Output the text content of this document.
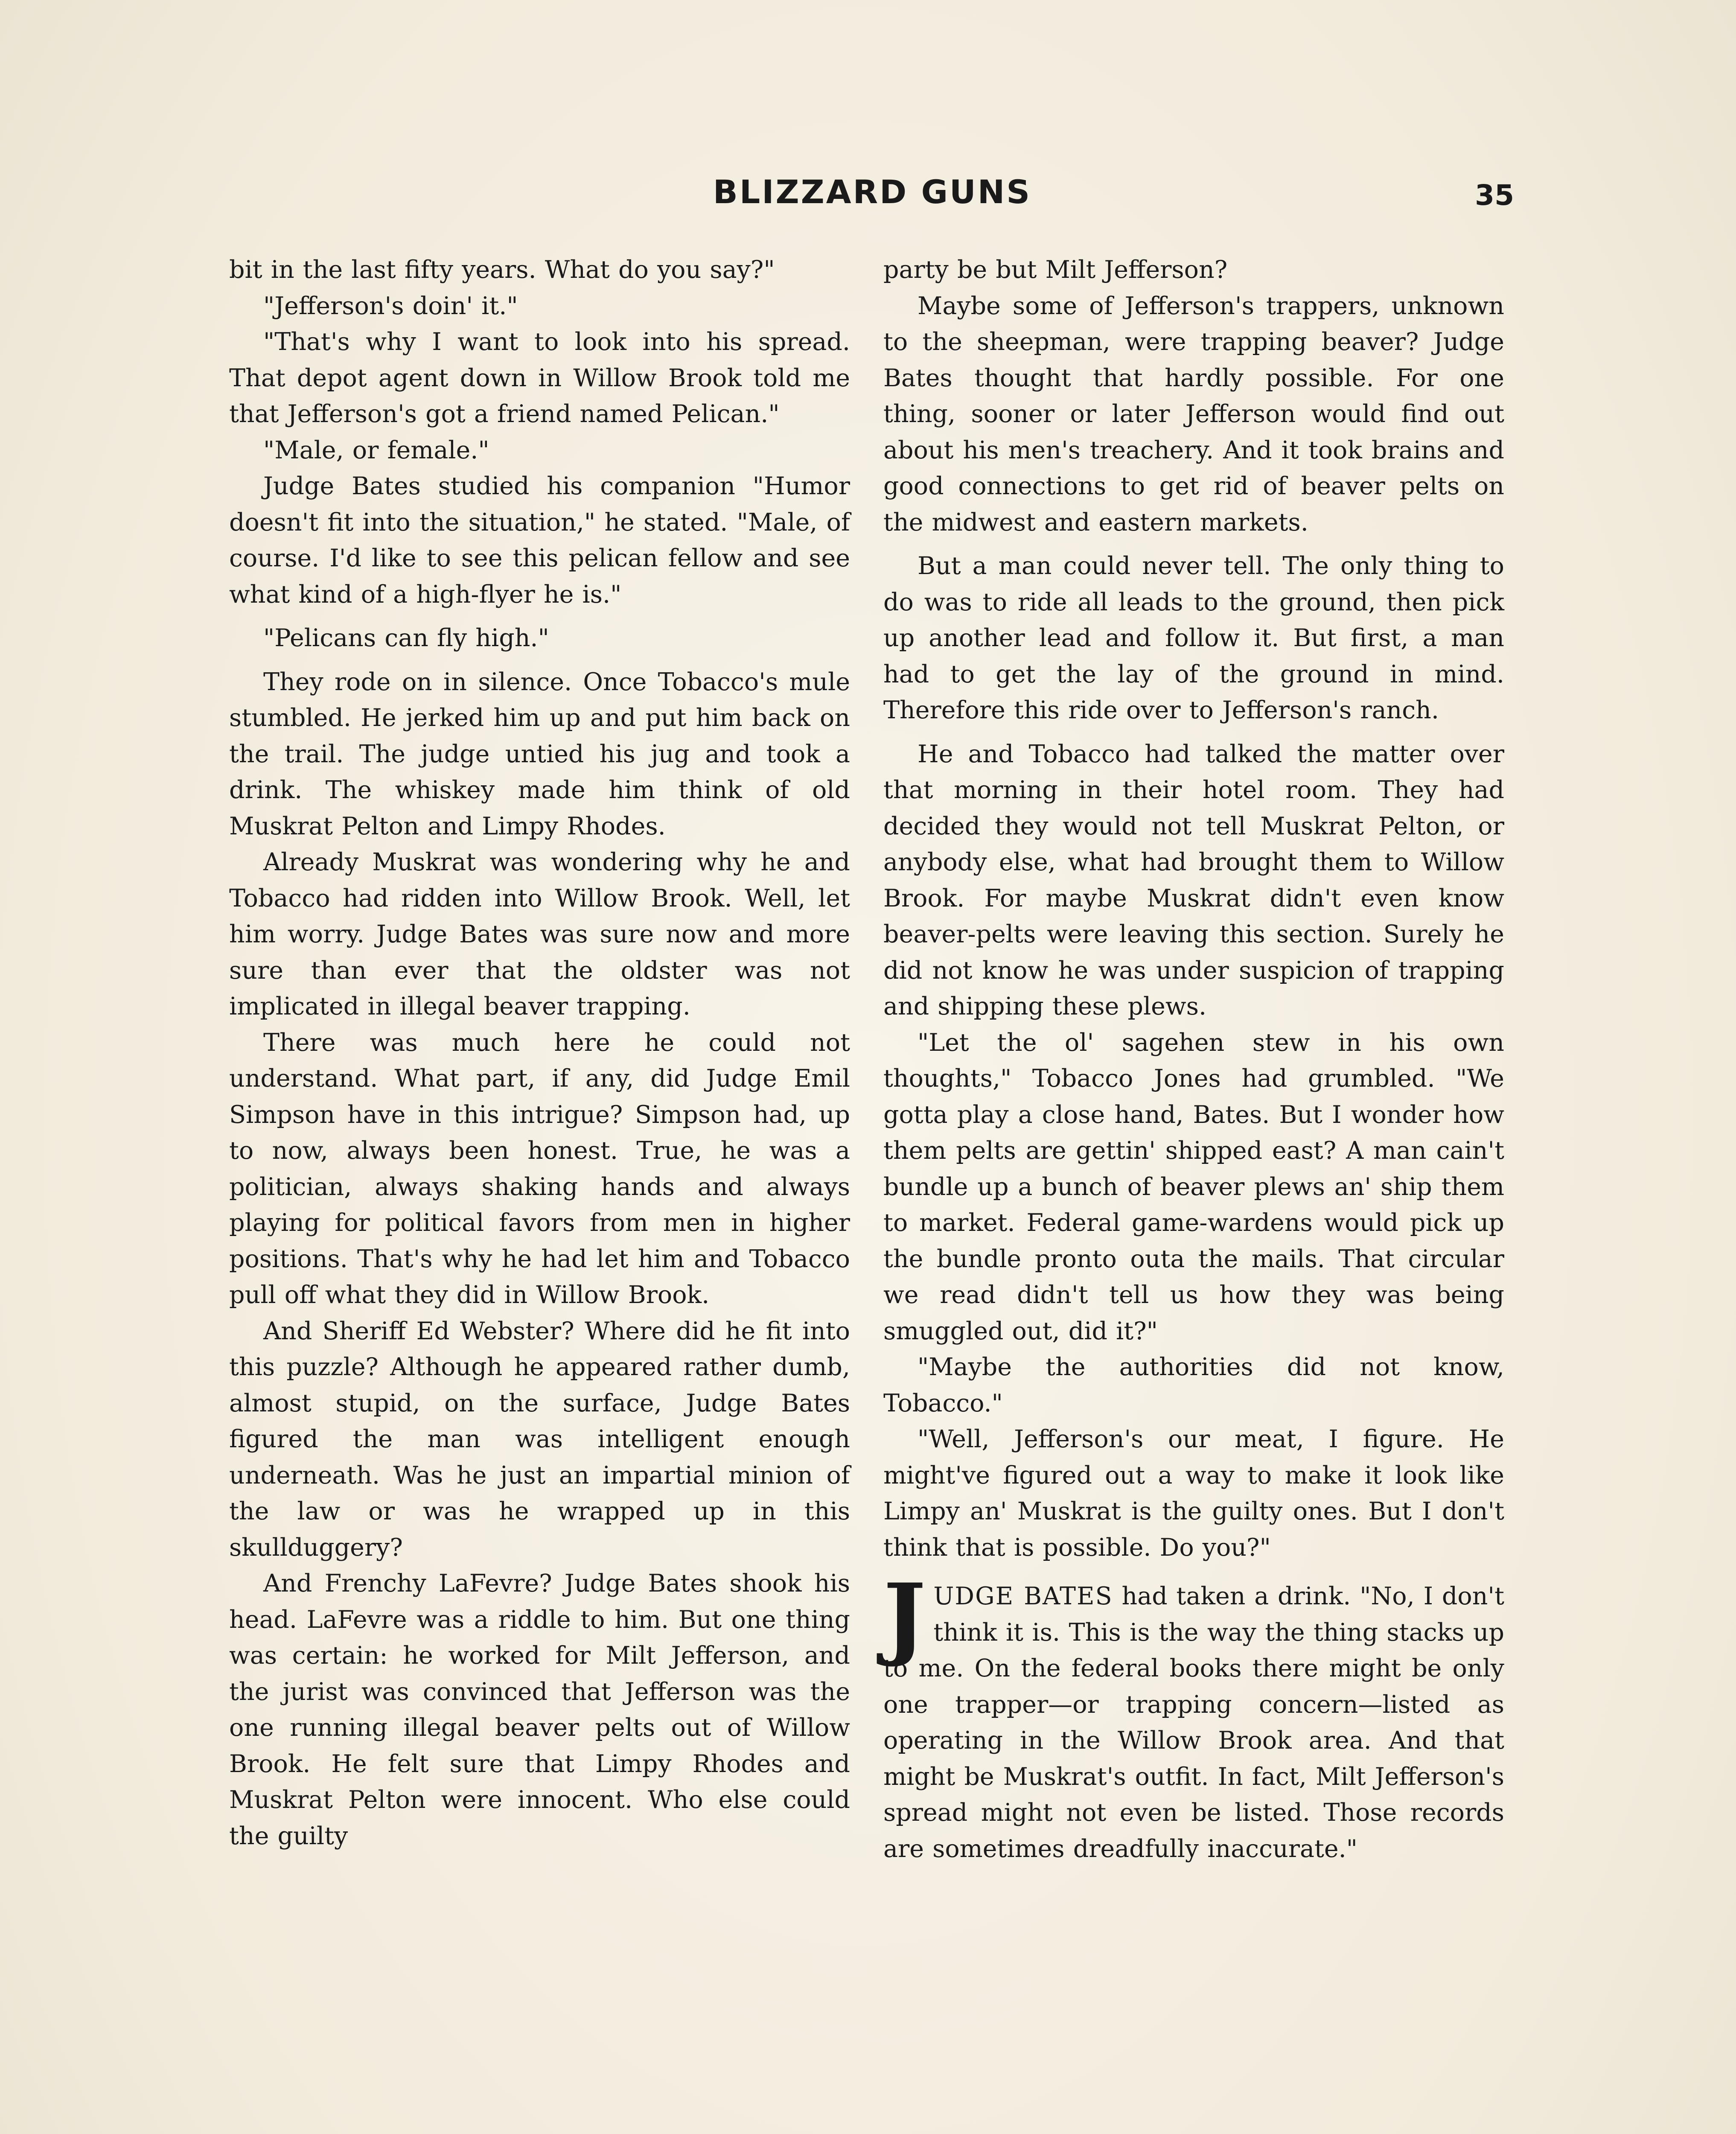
BLIZZARD GUNS	35

bit in the last fifty years. What do you say?"

"Jefferson's doin' it."

"That's why I want to look into his spread. That depot agent down in Willow Brook told me that Jefferson's got a friend named Pelican."

"Male, or female."

Judge Bates studied his companion "Humor doesn't fit into the situation," he stated. "Male, of course. I'd like to see this pelican fellow and see what kind of a high-flyer he is."

"Pelicans can fly high."

They rode on in silence. Once Tobacco's mule stumbled. He jerked him up and put him back on the trail. The judge untied his jug and took a drink. The whiskey made him think of old Muskrat Pelton and Limpy Rhodes.

Already Muskrat was wondering why he and Tobacco had ridden into Willow Brook. Well, let him worry. Judge Bates was sure now and more sure than ever that the oldster was not implicated in illegal beaver trapping.

There was much here he could not understand. What part, if any, did Judge Emil Simpson have in this intrigue? Simpson had, up to now, always been honest. True, he was a politician, always shaking hands and always playing for political favors from men in higher positions. That's why he had let him and Tobacco pull off what they did in Willow Brook.

And Sheriff Ed Webster? Where did he fit into this puzzle? Although he appeared rather dumb, almost stupid, on the surface, Judge Bates figured the man was intelligent enough underneath. Was he just an impartial minion of the law or was he wrapped up in this skullduggery?

And Frenchy LaFevre? Judge Bates shook his head. LaFevre was a riddle to him. But one thing was certain: he worked for Milt Jefferson, and the jurist was convinced that Jefferson was the one running illegal beaver pelts out of Willow Brook. He felt sure that Limpy Rhodes and Muskrat Pelton were innocent. Who else could the guilty

party be but Milt Jefferson?

Maybe some of Jefferson's trappers, unknown to the sheepman, were trapping beaver? Judge Bates thought that hardly possible. For one thing, sooner or later Jefferson would find out about his men's treachery. And it took brains and good connections to get rid of beaver pelts on the midwest and eastern markets.

But a man could never tell. The only thing to do was to ride all leads to the ground, then pick up another lead and follow it. But first, a man had to get the lay of the ground in mind. Therefore this ride over to Jefferson's ranch.

He and Tobacco had talked the matter over that morning in their hotel room. They had decided they would not tell Muskrat Pelton, or anybody else, what had brought them to Willow Brook. For maybe Muskrat didn't even know beaver-pelts were leaving this section. Surely he did not know he was under suspicion of trapping and shipping these plews.

"Let the ol' sagehen stew in his own thoughts," Tobacco Jones had grumbled. "We gotta play a close hand, Bates. But I wonder how them pelts are gettin' shipped east? A man cain't bundle up a bunch of beaver plews an' ship them to market. Federal game-wardens would pick up the bundle pronto outa the mails. That circular we read didn't tell us how they was being smuggled out, did it?"

"Maybe the authorities did not know, Tobacco."

"Well, Jefferson's our meat, I figure. He might've figured out a way to make it look like Limpy an' Muskrat is the guilty ones. But I don't think that is possible. Do you?"

JUDGE BATES had taken a drink. "No, I don't think it is. This is the way the thing stacks up to me. On the federal books there might be only one trapper—or trapping concern—listed as operating in the Willow Brook area. And that might be Muskrat's outfit. In fact, Milt Jefferson's spread might not even be listed. Those records are sometimes dreadfully inaccurate."
